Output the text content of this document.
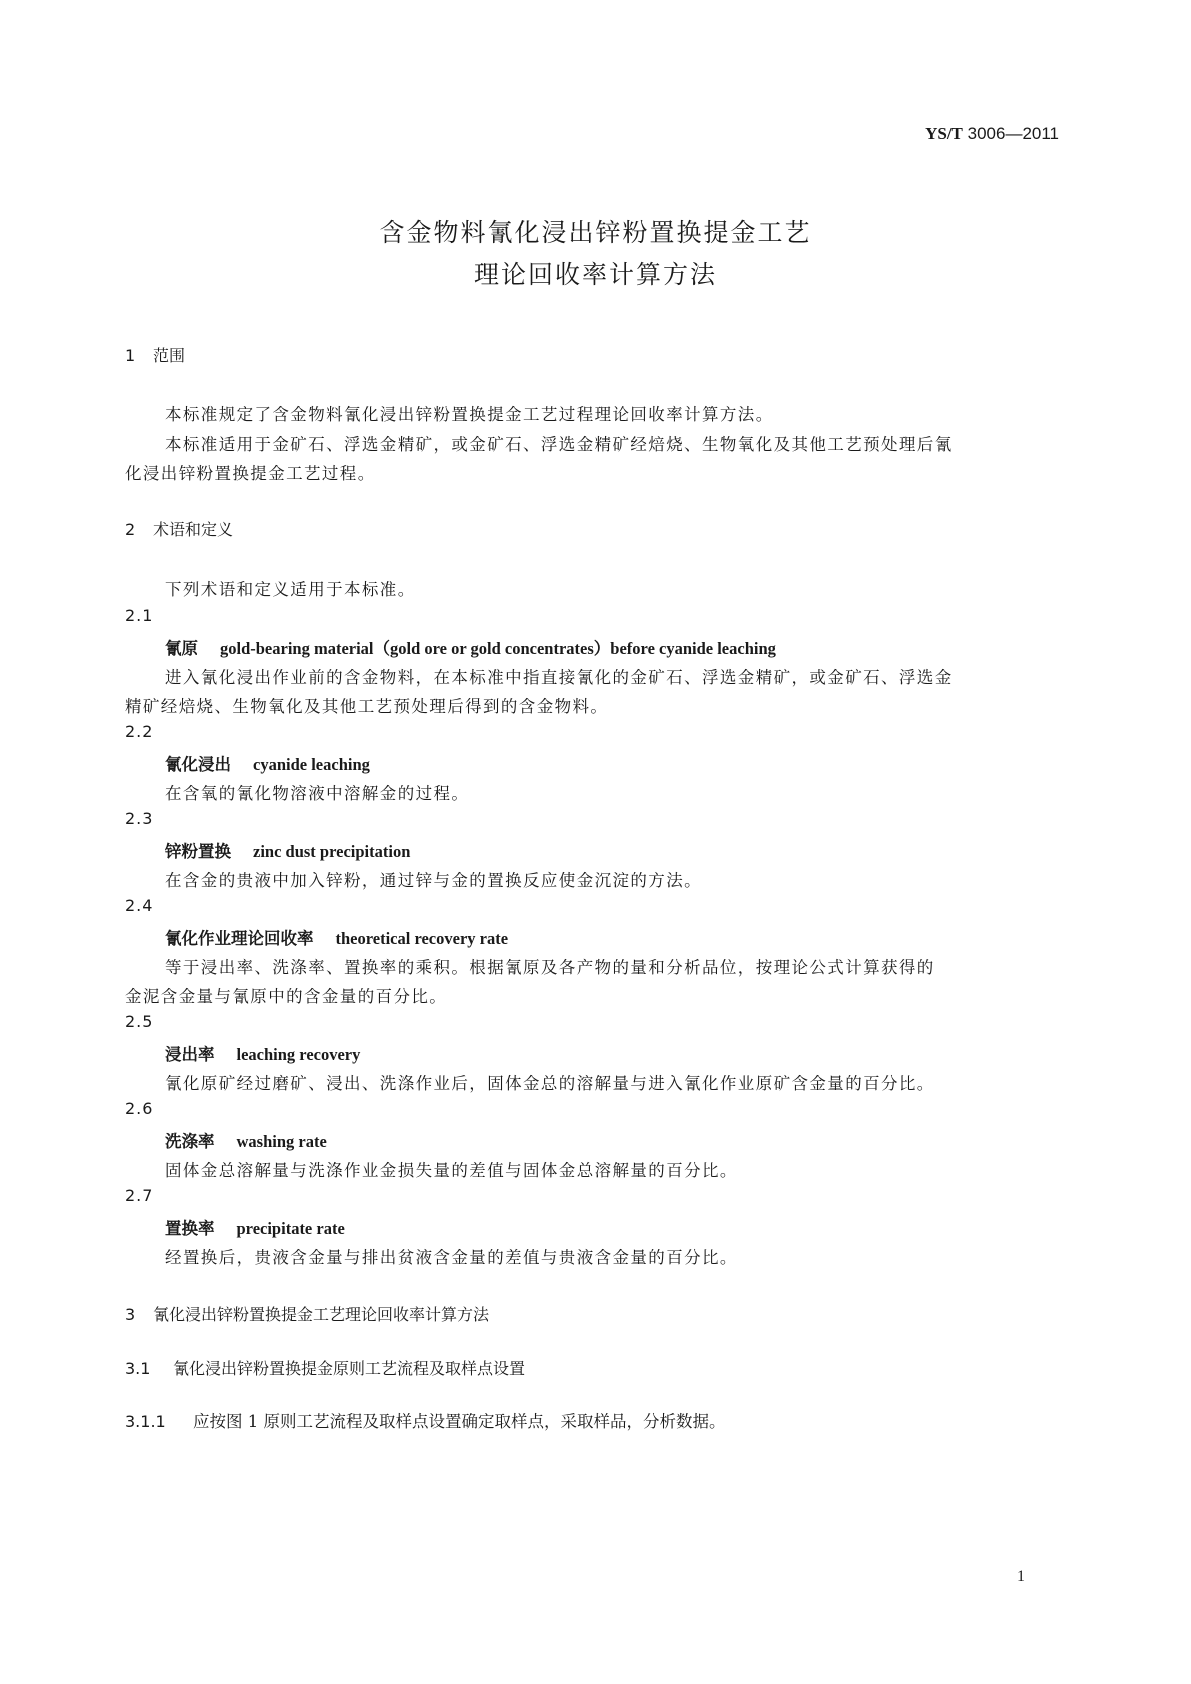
YS/T 3006—2011
含金物料氰化浸出锌粉置换提金工艺
理论回收率计算方法
1 范围
本标准规定了含金物料氰化浸出锌粉置换提金工艺过程理论回收率计算方法。
本标准适用于金矿石、浮选金精矿，或金矿石、浮选金精矿经焙烧、生物氧化及其他工艺预处理后氰
化浸出锌粉置换提金工艺过程。
2 术语和定义
下列术语和定义适用于本标准。
2.1
氰原 gold-bearing material（gold ore or gold concentrates）before cyanide leaching
进入氰化浸出作业前的含金物料，在本标准中指直接氰化的金矿石、浮选金精矿，或金矿石、浮选金
精矿经焙烧、生物氧化及其他工艺预处理后得到的含金物料。
2.2
氰化浸出 cyanide leaching
在含氧的氰化物溶液中溶解金的过程。
2.3
锌粉置换 zinc dust precipitation
在含金的贵液中加入锌粉，通过锌与金的置换反应使金沉淀的方法。
2.4
氰化作业理论回收率 theoretical recovery rate
等于浸出率、洗涤率、置换率的乘积。根据氰原及各产物的量和分析品位，按理论公式计算获得的
金泥含金量与氰原中的含金量的百分比。
2.5
浸出率 leaching recovery
氰化原矿经过磨矿、浸出、洗涤作业后，固体金总的溶解量与进入氰化作业原矿含金量的百分比。
2.6
洗涤率 washing rate
固体金总溶解量与洗涤作业金损失量的差值与固体金总溶解量的百分比。
2.7
置换率 precipitate rate
经置换后，贵液含金量与排出贫液含金量的差值与贵液含金量的百分比。
3 氰化浸出锌粉置换提金工艺理论回收率计算方法
3.1 氰化浸出锌粉置换提金原则工艺流程及取样点设置
3.1.1 应按图 1 原则工艺流程及取样点设置确定取样点，采取样品，分析数据。
1
